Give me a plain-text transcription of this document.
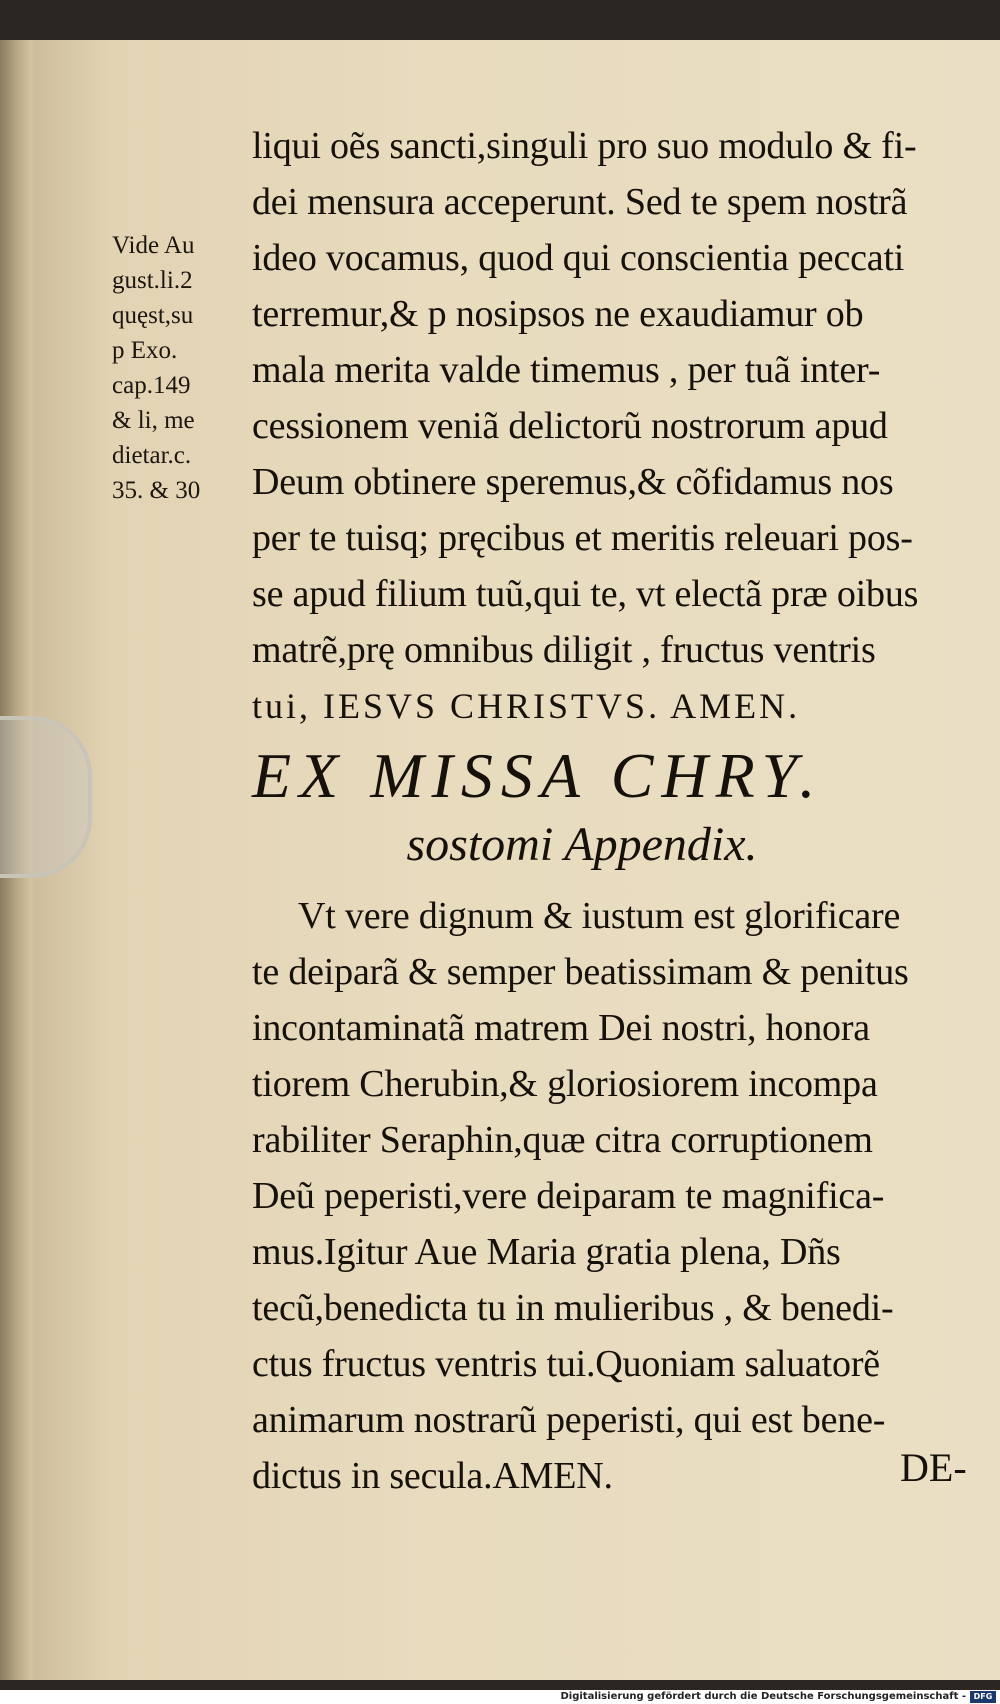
Vide Au
gust.li.2
quęst,su
p Exo.
cap.149
& li, me
dietar.c.
35. & 30
liqui oẽs sancti,singuli pro suo modulo & fi-
dei mensura acceperunt. Sed te spem nostrã
ideo vocamus, quod qui conscientia peccati
terremur,& p nosipsos ne exaudiamur ob
mala merita valde timemus , per tuã inter-
cessionem veniã delictorũ nostrorum apud
Deum obtinere speremus,& cõfidamus nos
per te tuisq; pręcibus et meritis releuari pos-
se apud filium tuũ,qui te, vt electã præ oibus
matrẽ,prę omnibus diligit , fructus ventris
tui, IESVS CHRISTVS. AMEN.
EX MISSA CHRY.
sostomi Appendix.
Vt vere dignum & iustum est glorificare
te deiparã & semper beatissimam & penitus
incontaminatã matrem Dei nostri, honora
tiorem Cherubin,& gloriosiorem incompa
rabiliter Seraphin,quæ citra corruptionem
Deũ peperisti,vere deiparam te magnifica-
mus.Igitur Aue Maria gratia plena, Dñs
tecũ,benedicta tu in mulieribus , & benedi-
ctus fructus ventris tui.Quoniam saluatorẽ
animarum nostrarũ peperisti, qui est bene-
dictus in secula.AMEN.	DE-
Digitalisierung gefördert durch die Deutsche Forschungsgemeinschaft - DFG
